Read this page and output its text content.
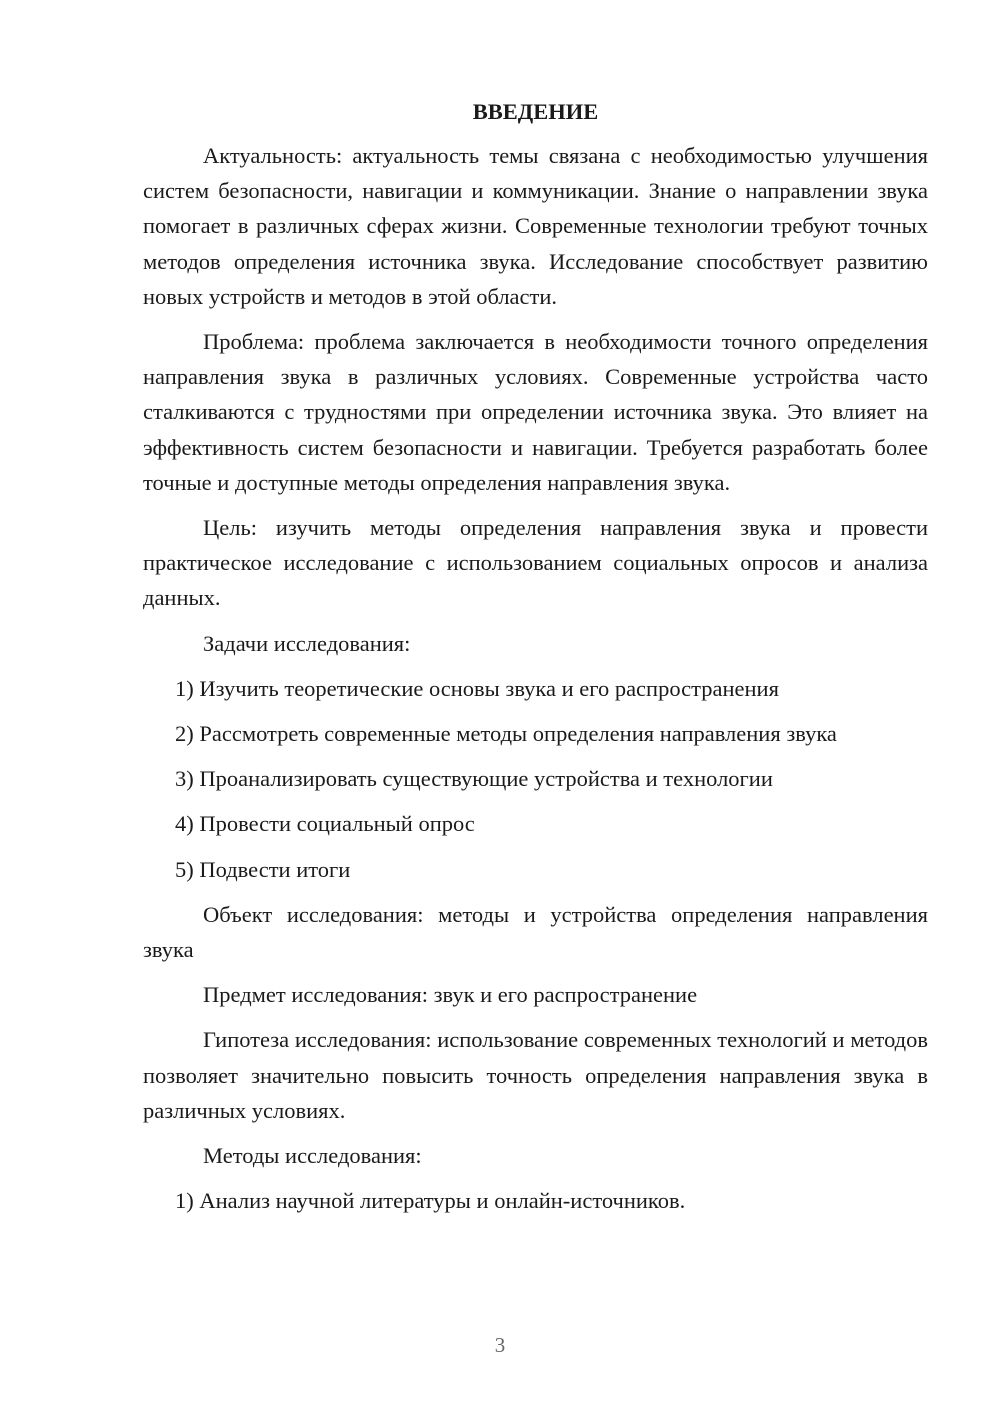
ВВЕДЕНИЕ
Актуальность: актуальность темы связана с необходимостью улучшения систем безопасности, навигации и коммуникации. Знание о направлении звука помогает в различных сферах жизни. Современные технологии требуют точных методов определения источника звука. Исследование способствует развитию новых устройств и методов в этой области.
Проблема: проблема заключается в необходимости точного определения направления звука в различных условиях. Современные устройства часто сталкиваются с трудностями при определении источника звука. Это влияет на эффективность систем безопасности и навигации. Требуется разработать более точные и доступные методы определения направления звука.
Цель: изучить методы определения направления звука и провести практическое исследование с использованием социальных опросов и анализа данных.
Задачи исследования:
1) Изучить теоретические основы звука и его распространения
2) Рассмотреть современные методы определения направления звука
3) Проанализировать существующие устройства и технологии
4) Провести социальный опрос
5) Подвести итоги
Объект исследования: методы и устройства определения направления звука
Предмет исследования: звук и его распространение
Гипотеза исследования: использование современных технологий и методов позволяет значительно повысить точность определения направления звука в различных условиях.
Методы исследования:
1) Анализ научной литературы и онлайн-источников.
3
